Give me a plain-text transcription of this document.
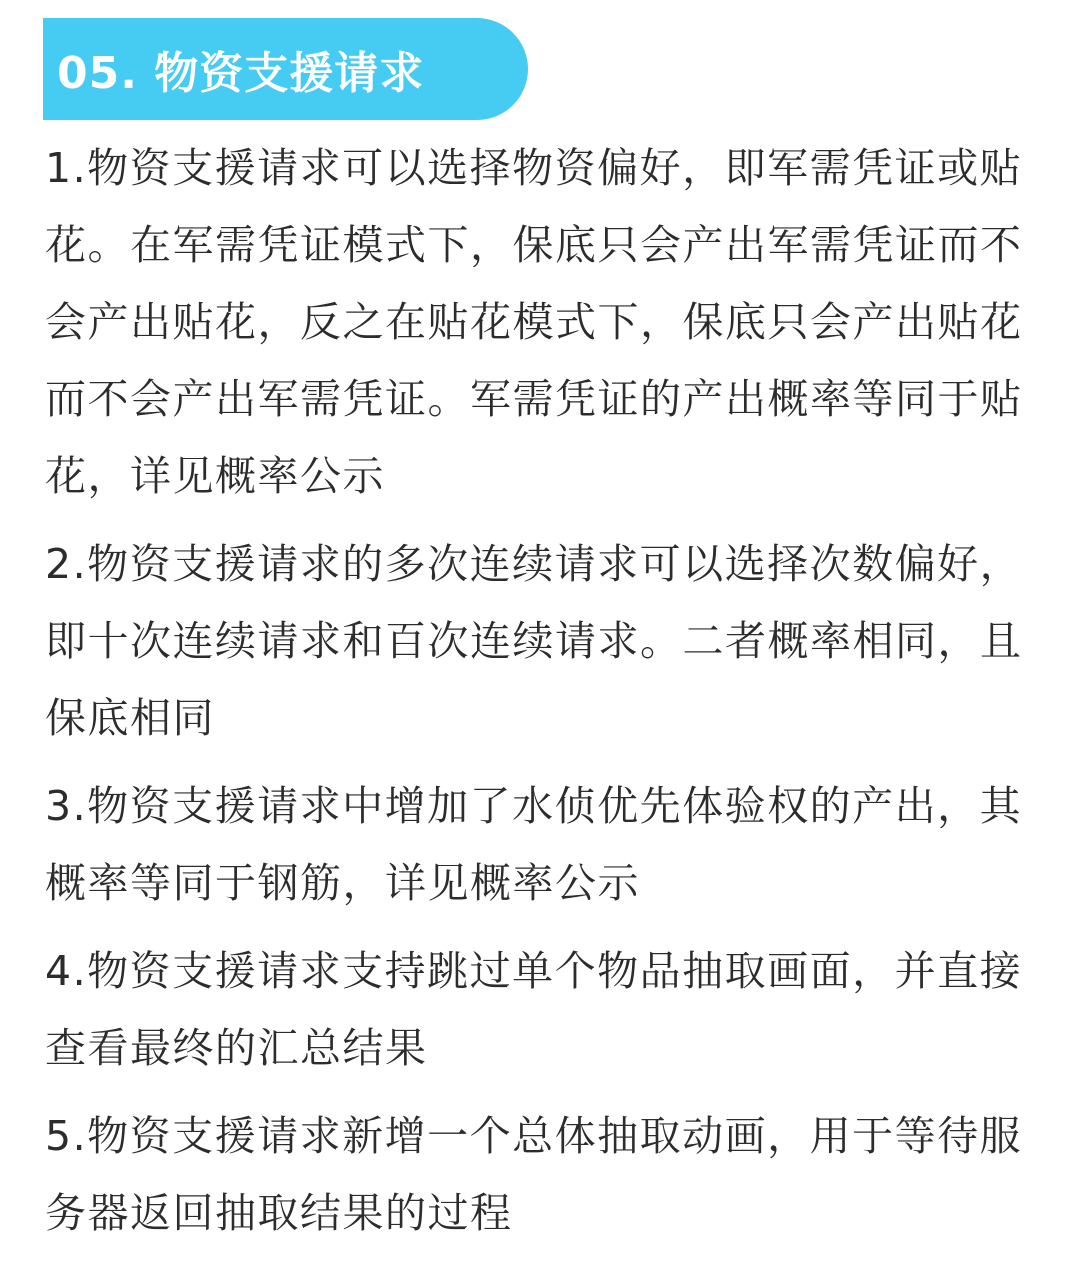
05. 物资支援请求

1.物资支援请求可以选择物资偏好，即军需凭证或贴花。在军需凭证模式下，保底只会产出军需凭证而不会产出贴花，反之在贴花模式下，保底只会产出贴花而不会产出军需凭证。军需凭证的产出概率等同于贴花，详见概率公示

2.物资支援请求的多次连续请求可以选择次数偏好，即十次连续请求和百次连续请求。二者概率相同，且保底相同

3.物资支援请求中增加了水侦优先体验权的产出，其概率等同于钢筋，详见概率公示

4.物资支援请求支持跳过单个物品抽取画面，并直接查看最终的汇总结果

5.物资支援请求新增一个总体抽取动画，用于等待服务器返回抽取结果的过程
